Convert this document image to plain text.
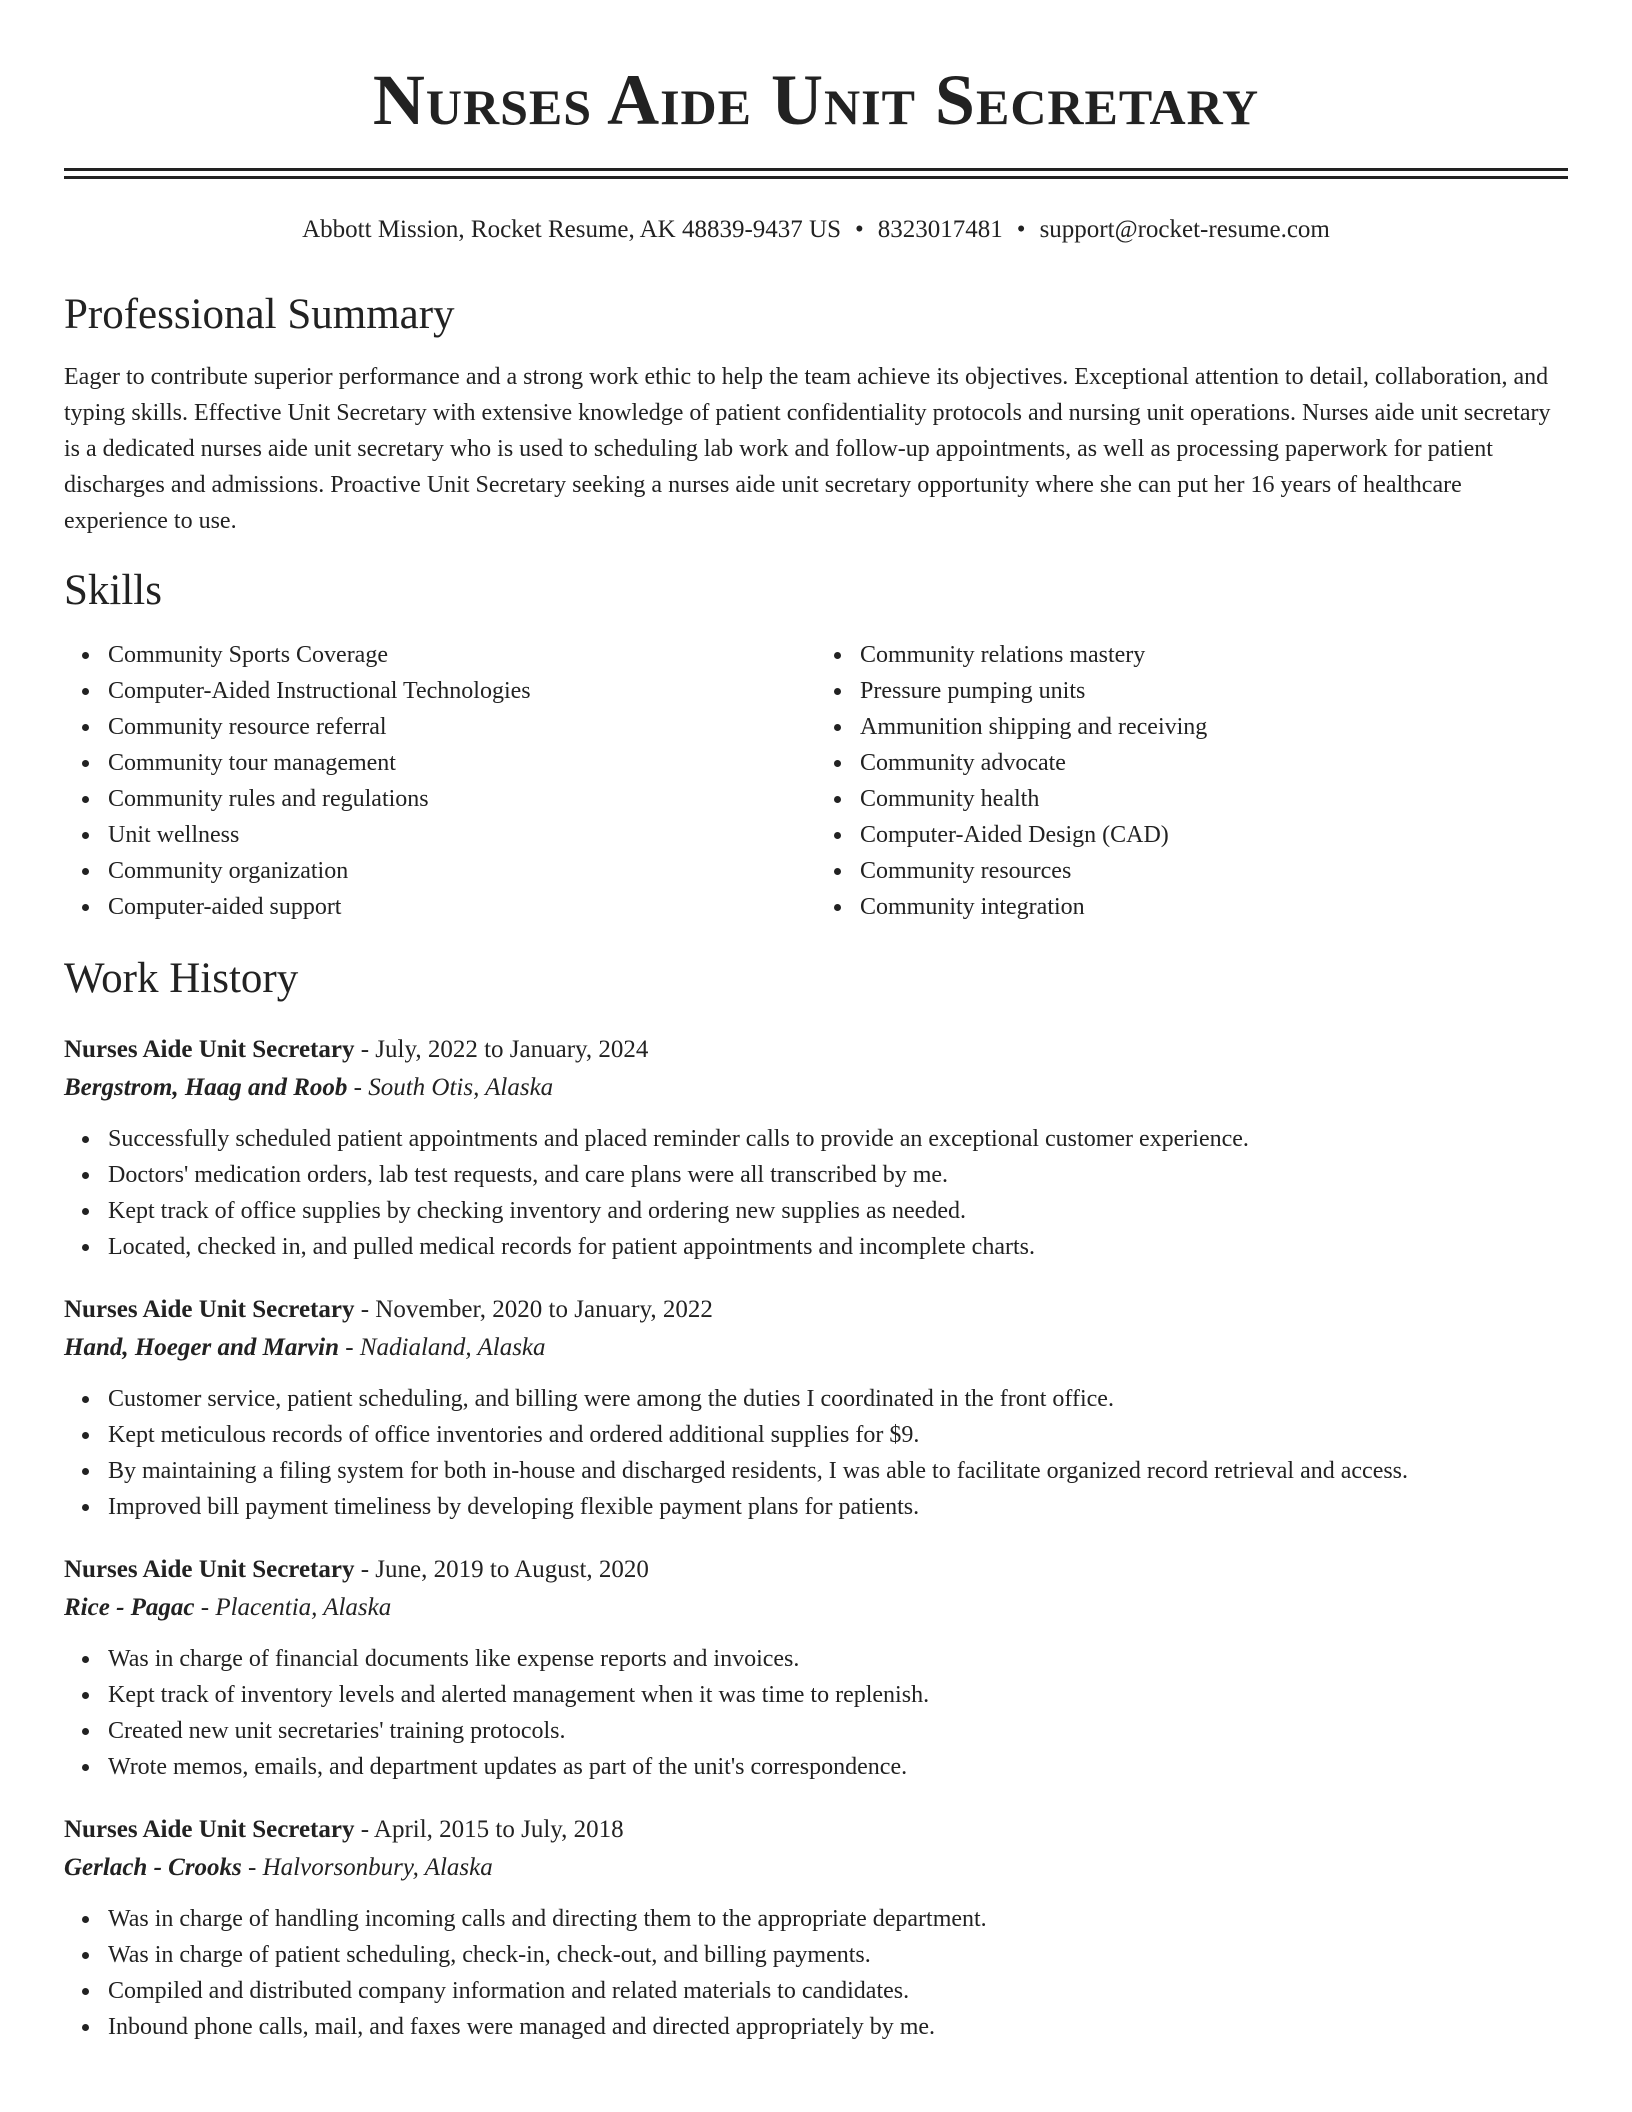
Nurses Aide Unit Secretary
Abbott Mission, Rocket Resume, AK 48839-9437 US • 8323017481 • support@rocket-resume.com
Professional Summary

Eager to contribute superior performance and a strong work ethic to help the team achieve its objectives. Exceptional attention to detail, collaboration, and typing skills. Effective Unit Secretary with extensive knowledge of patient confidentiality protocols and nursing unit operations. Nurses aide unit secretary is a dedicated nurses aide unit secretary who is used to scheduling lab work and follow-up appointments, as well as processing paperwork for patient discharges and admissions. Proactive Unit Secretary seeking a nurses aide unit secretary opportunity where she can put her 16 years of healthcare experience to use.

Skills
Community Sports Coverage
Computer-Aided Instructional Technologies
Community resource referral
Community tour management
Community rules and regulations
Unit wellness
Community organization
Computer-aided support
Community relations mastery
Pressure pumping units
Ammunition shipping and receiving
Community advocate
Community health
Computer-Aided Design (CAD)
Community resources
Community integration
Work History
Nurses Aide Unit Secretary - July, 2022 to January, 2024
Bergstrom, Haag and Roob - South Otis, Alaska
Successfully scheduled patient appointments and placed reminder calls to provide an exceptional customer experience.
Doctors' medication orders, lab test requests, and care plans were all transcribed by me.
Kept track of office supplies by checking inventory and ordering new supplies as needed.
Located, checked in, and pulled medical records for patient appointments and incomplete charts.
Nurses Aide Unit Secretary - November, 2020 to January, 2022
Hand, Hoeger and Marvin - Nadialand, Alaska
Customer service, patient scheduling, and billing were among the duties I coordinated in the front office.
Kept meticulous records of office inventories and ordered additional supplies for $9.
By maintaining a filing system for both in-house and discharged residents, I was able to facilitate organized record retrieval and access.
Improved bill payment timeliness by developing flexible payment plans for patients.
Nurses Aide Unit Secretary - June, 2019 to August, 2020
Rice - Pagac - Placentia, Alaska
Was in charge of financial documents like expense reports and invoices.
Kept track of inventory levels and alerted management when it was time to replenish.
Created new unit secretaries' training protocols.
Wrote memos, emails, and department updates as part of the unit's correspondence.
Nurses Aide Unit Secretary - April, 2015 to July, 2018
Gerlach - Crooks - Halvorsonbury, Alaska
Was in charge of handling incoming calls and directing them to the appropriate department.
Was in charge of patient scheduling, check-in, check-out, and billing payments.
Compiled and distributed company information and related materials to candidates.
Inbound phone calls, mail, and faxes were managed and directed appropriately by me.
